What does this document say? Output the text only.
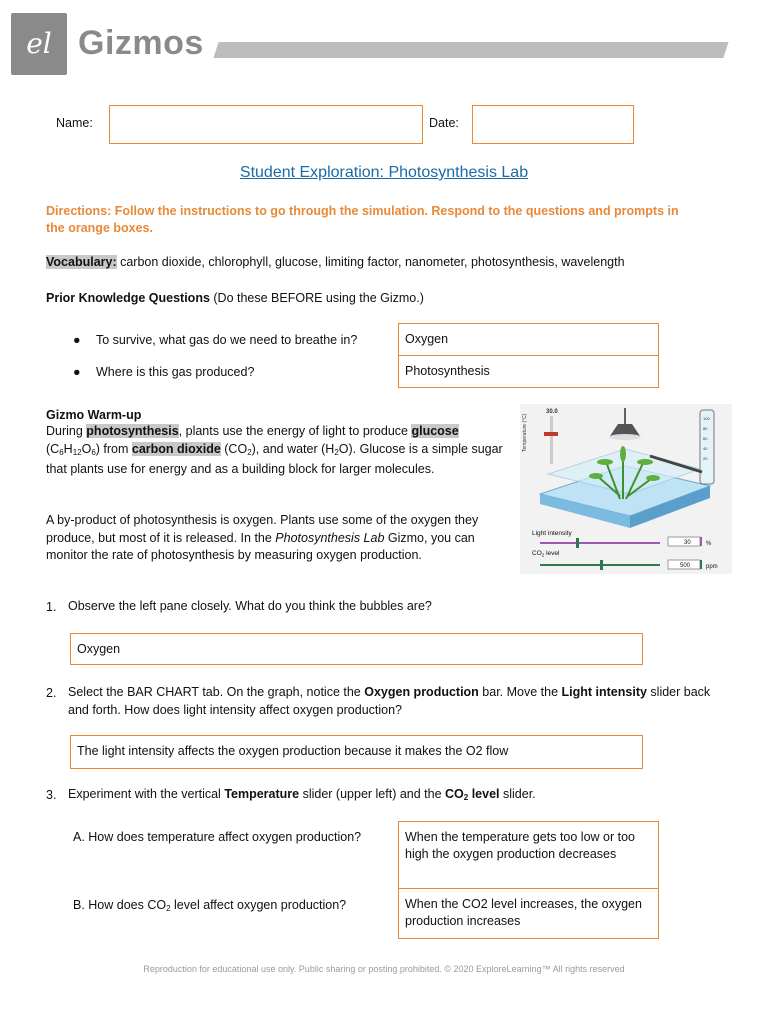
el Gizmos
Name:	Date:
Student Exploration: Photosynthesis Lab
Directions: Follow the instructions to go through the simulation. Respond to the questions and prompts in the orange boxes.
Vocabulary: carbon dioxide, chlorophyll, glucose, limiting factor, nanometer, photosynthesis, wavelength
Prior Knowledge Questions (Do these BEFORE using the Gizmo.)
● To survive, what gas do we need to breathe in?	Oxygen
● Where is this gas produced?	Photosynthesis
Gizmo Warm-up
During photosynthesis, plants use the energy of light to produce glucose
$(C_6H_{12}O_6)$ from carbon dioxide $(CO_2)$, and water $(H_2O)$. Glucose is a simple sugar that plants use for energy and as a building block for larger molecules.
A by-product of photosynthesis is oxygen. Plants use some of the oxygen they produce, but most of it is released. In the Photosynthesis Lab Gizmo, you can monitor the rate of photosynthesis by measuring oxygen production.
Temperature (°C)
30.0
100
80
60
40
20
Light intensity
30	%
$CO_2$ level
500	ppm
1. Observe the left pane closely. What do you think the bubbles are?
Oxygen
2. Select the BAR CHART tab. On the graph, notice the Oxygen production bar. Move the Light intensity slider back and forth. How does light intensity affect oxygen production?
The light intensity affects the oxygen production because it makes the O2 flow
3. Experiment with the vertical Temperature slider (upper left) and the $CO_2$ level slider.
A. How does temperature affect oxygen production?	When the temperature gets too low or too high the oxygen production decreases
B. How does $CO_2$ level affect oxygen production?	When the CO2 level increases, the oxygen production increases
Reproduction for educational use only. Public sharing or posting prohibited. © 2020 ExploreLearning™ All rights reserved
